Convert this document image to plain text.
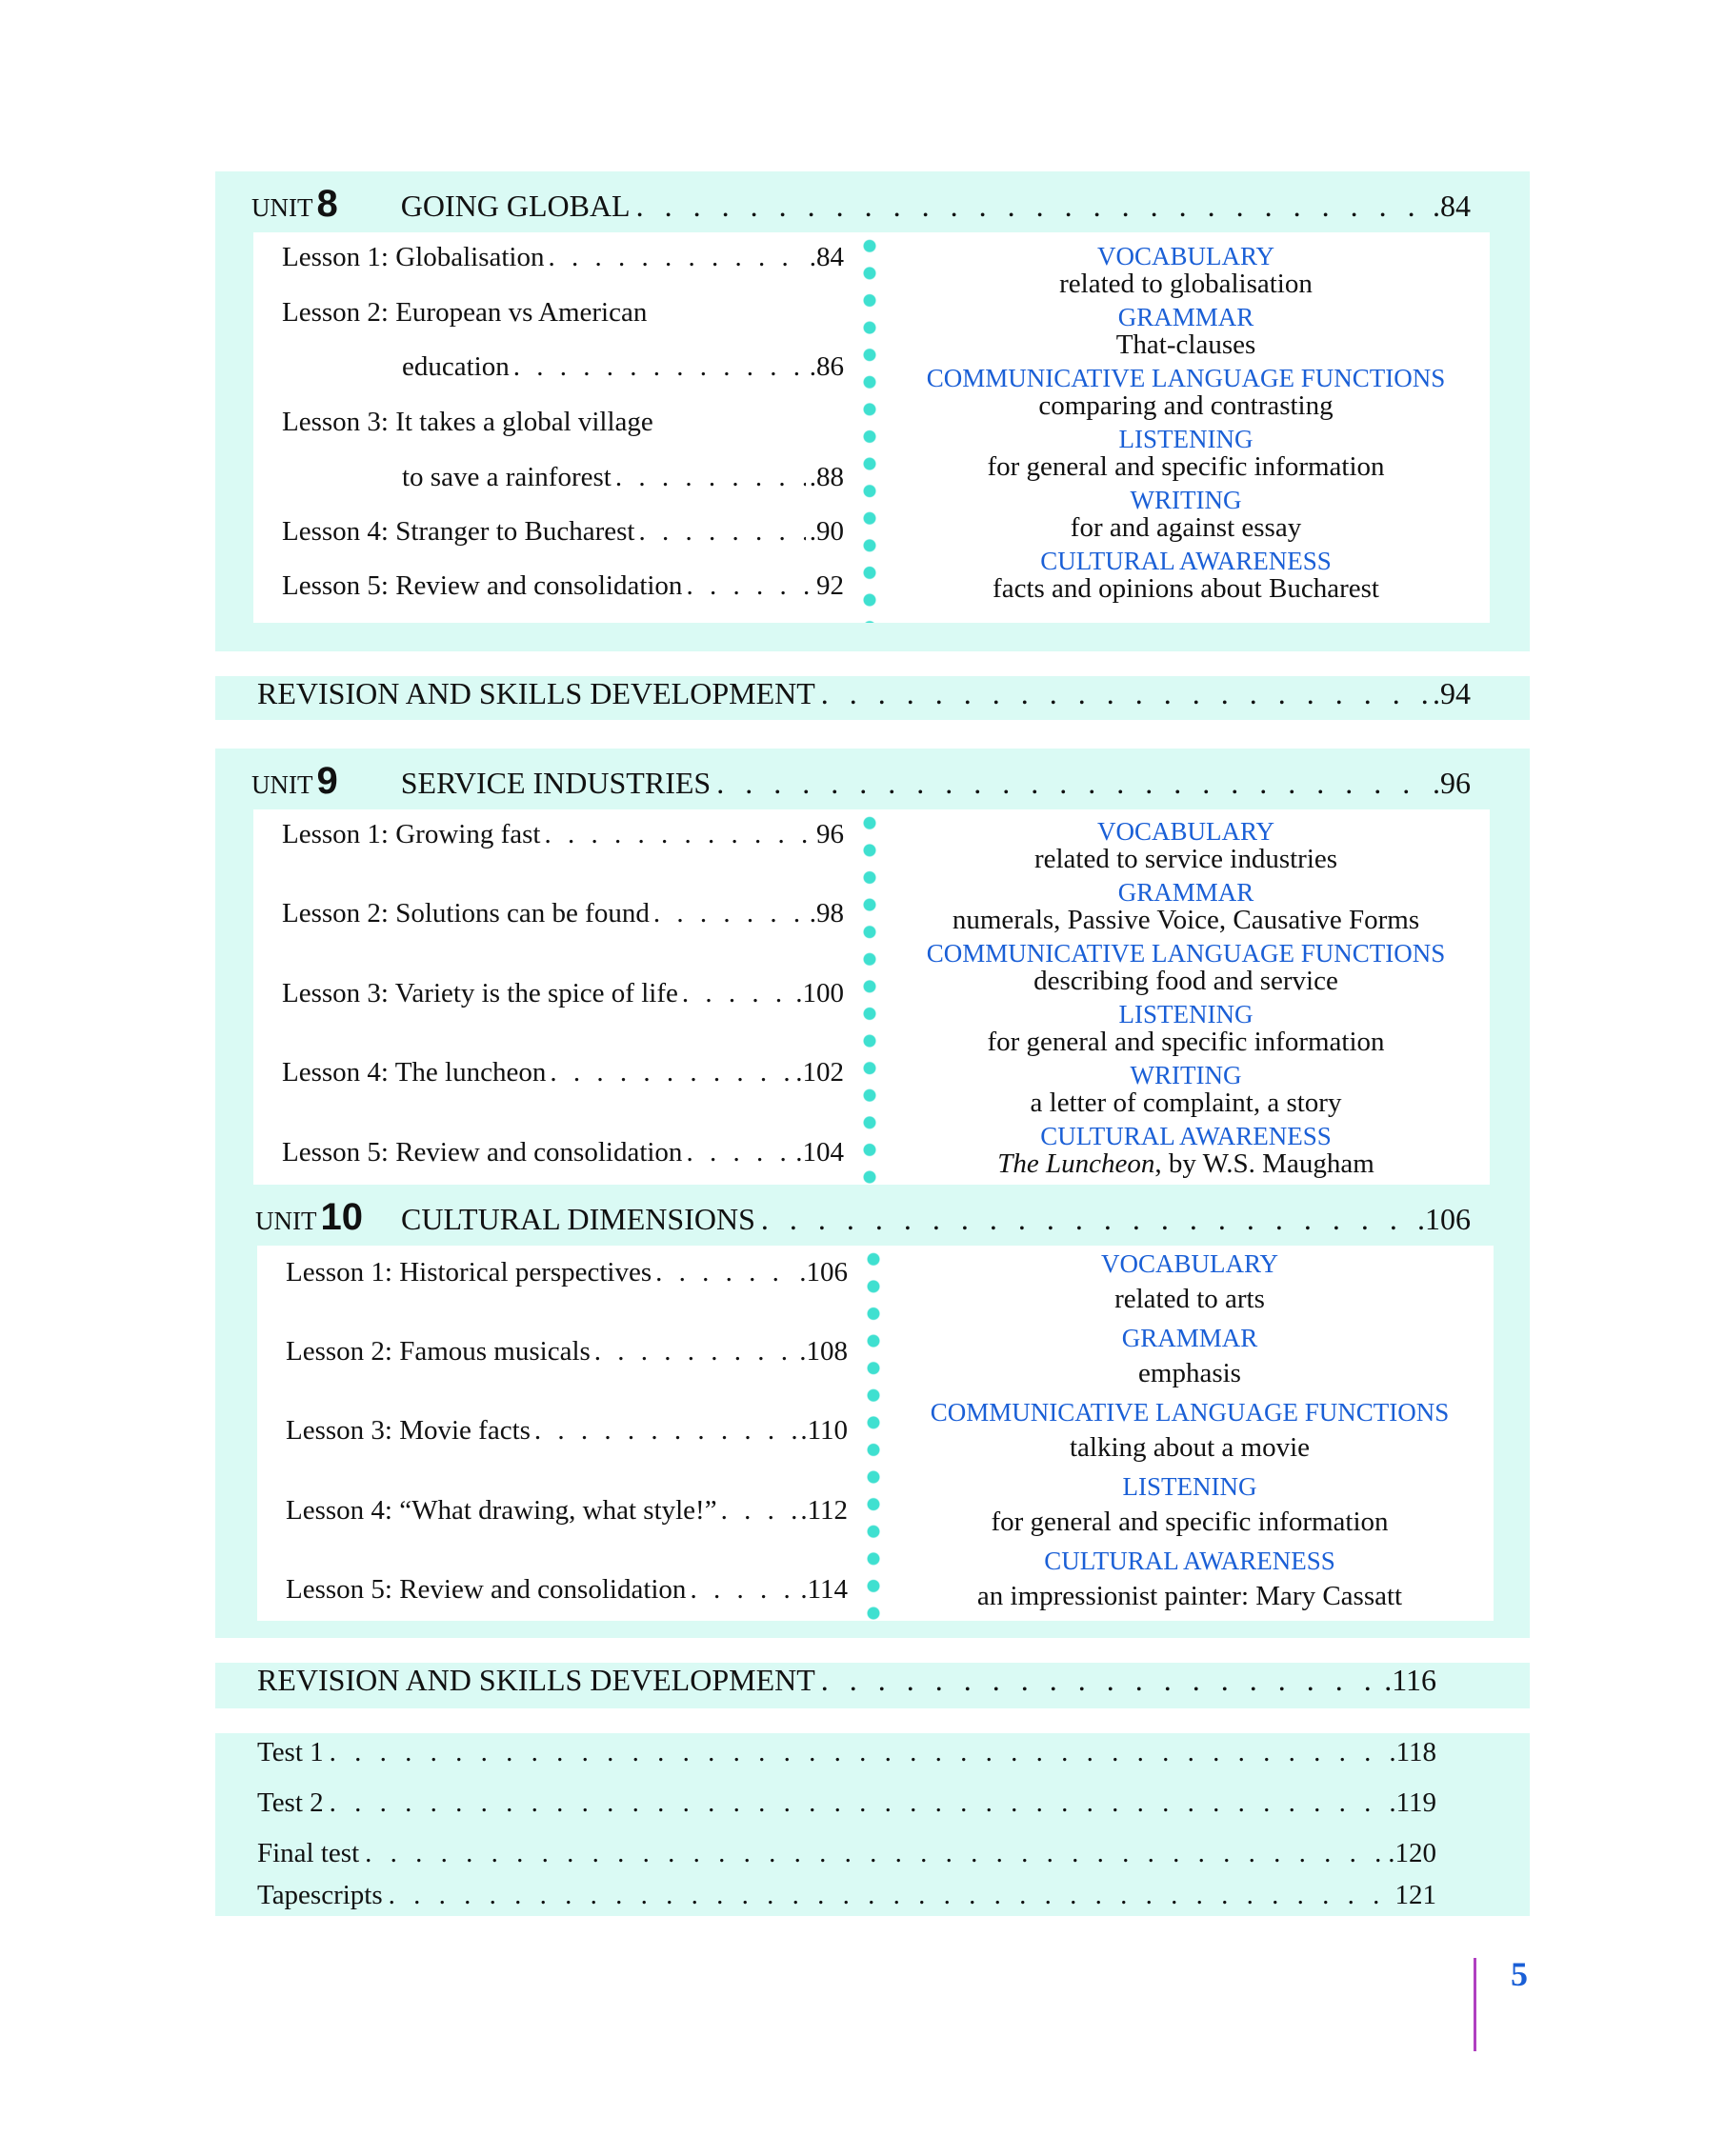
UNIT 8 GOING GLOBAL . . .	.84
Lesson 1: Globalisation . . .	.84
Lesson 2: European vs American
education . . .	.86
Lesson 3: It takes a global village
to save a rainforest . . .	.88
Lesson 4: Stranger to Bucharest . . .	.90
Lesson 5: Review and consolidation . . .	92
VOCABULARY
related to globalisation
GRAMMAR
That-clauses
COMMUNICATIVE LANGUAGE FUNCTIONS
comparing and contrasting
LISTENING
for general and specific information
WRITING
for and against essay
CULTURAL AWARENESS
facts and opinions about Bucharest
REVISION AND SKILLS DEVELOPMENT . . .	.94
UNIT 9 SERVICE INDUSTRIES . . .	.96
Lesson 1: Growing fast . . .	96
Lesson 2: Solutions can be found . . .	.98
Lesson 3: Variety is the spice of life . . .	.100
Lesson 4: The luncheon . . .	.102
Lesson 5: Review and consolidation . . .	.104
VOCABULARY
related to service industries
GRAMMAR
numerals, Passive Voice, Causative Forms
COMMUNICATIVE LANGUAGE FUNCTIONS
describing food and service
LISTENING
for general and specific information
WRITING
a letter of complaint, a story
CULTURAL AWARENESS
The Luncheon, by W.S. Maugham
UNIT 10 CULTURAL DIMENSIONS . . .	.106
Lesson 1: Historical perspectives . . .	.106
Lesson 2: Famous musicals . . .	.108
Lesson 3: Movie facts . . .	.110
Lesson 4: “What drawing, what style!” . . .	.112
Lesson 5: Review and consolidation . . .	.114
VOCABULARY
related to arts
GRAMMAR
emphasis
COMMUNICATIVE LANGUAGE FUNCTIONS
talking about a movie
LISTENING
for general and specific information
CULTURAL AWARENESS
an impressionist painter: Mary Cassatt
REVISION AND SKILLS DEVELOPMENT . . .	.116
Test 1 . . .	.118
Test 2 . . .	.119
Final test . . .	.120
Tapescripts . . .	121
5
